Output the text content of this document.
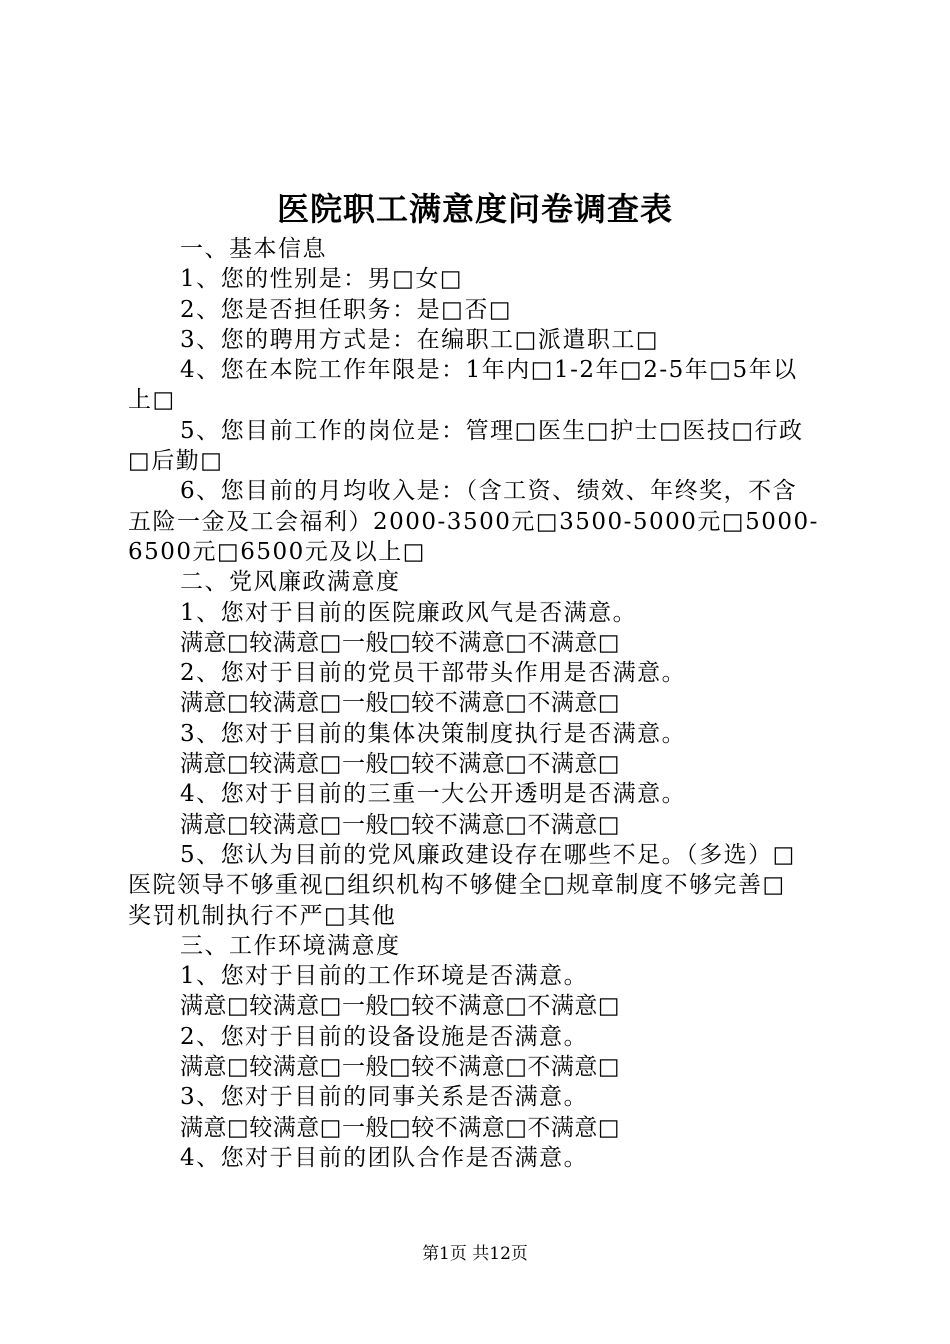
医院职工满意度问卷调查表
一、基本信息
1、您的性别是：男□女□
2、您是否担任职务：是□否□
3、您的聘用方式是：在编职工□派遣职工□
4、您在本院工作年限是：1年内□1-2年□2-5年□5年以
上□
5、您目前工作的岗位是：管理□医生□护士□医技□行政
□后勤□
6、您目前的月均收入是：（含工资、绩效、年终奖，不含
五险一金及工会福利）2000-3500元□3500-5000元□5000-
6500元□6500元及以上□
二、党风廉政满意度
1、您对于目前的医院廉政风气是否满意。
满意□较满意□一般□较不满意□不满意□
2、您对于目前的党员干部带头作用是否满意。
满意□较满意□一般□较不满意□不满意□
3、您对于目前的集体决策制度执行是否满意。
满意□较满意□一般□较不满意□不满意□
4、您对于目前的三重一大公开透明是否满意。
满意□较满意□一般□较不满意□不满意□
5、您认为目前的党风廉政建设存在哪些不足。（多选）□
医院领导不够重视□组织机构不够健全□规章制度不够完善□
奖罚机制执行不严□其他
三、工作环境满意度
1、您对于目前的工作环境是否满意。
满意□较满意□一般□较不满意□不满意□
2、您对于目前的设备设施是否满意。
满意□较满意□一般□较不满意□不满意□
3、您对于目前的同事关系是否满意。
满意□较满意□一般□较不满意□不满意□
4、您对于目前的团队合作是否满意。
第1页 共12页
